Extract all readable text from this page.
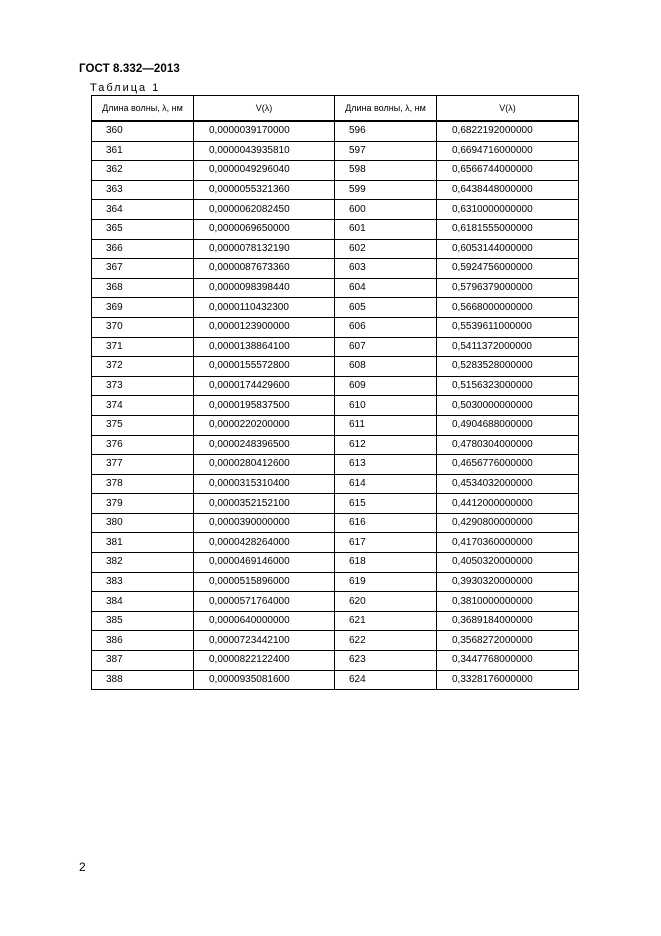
ГОСТ 8.332—2013
Таблица 1
Длина волны, λ, нм	V(λ)	Длина волны, λ, нм	V(λ)
360	0,0000039170000	596	0,6822192000000
361	0,0000043935810	597	0,6694716000000
362	0,0000049296040	598	0,6566744000000
363	0,0000055321360	599	0,6438448000000
364	0,0000062082450	600	0,6310000000000
365	0,0000069650000	601	0,6181555000000
366	0,0000078132190	602	0,6053144000000
367	0,0000087673360	603	0,5924756000000
368	0,0000098398440	604	0,5796379000000
369	0,0000110432300	605	0,5668000000000
370	0,0000123900000	606	0,5539611000000
371	0,0000138864100	607	0,5411372000000
372	0,0000155572800	608	0,5283528000000
373	0,0000174429600	609	0,5156323000000
374	0,0000195837500	610	0,5030000000000
375	0,0000220200000	611	0,4904688000000
376	0,0000248396500	612	0,4780304000000
377	0,0000280412600	613	0,4656776000000
378	0,0000315310400	614	0,4534032000000
379	0,0000352152100	615	0,4412000000000
380	0,0000390000000	616	0,4290800000000
381	0,0000428264000	617	0,4170360000000
382	0,0000469146000	618	0,4050320000000
383	0,0000515896000	619	0,3930320000000
384	0,0000571764000	620	0,3810000000000
385	0,0000640000000	621	0,3689184000000
386	0,0000723442100	622	0,3568272000000
387	0,0000822122400	623	0,3447768000000
388	0,0000935081600	624	0,3328176000000
2
